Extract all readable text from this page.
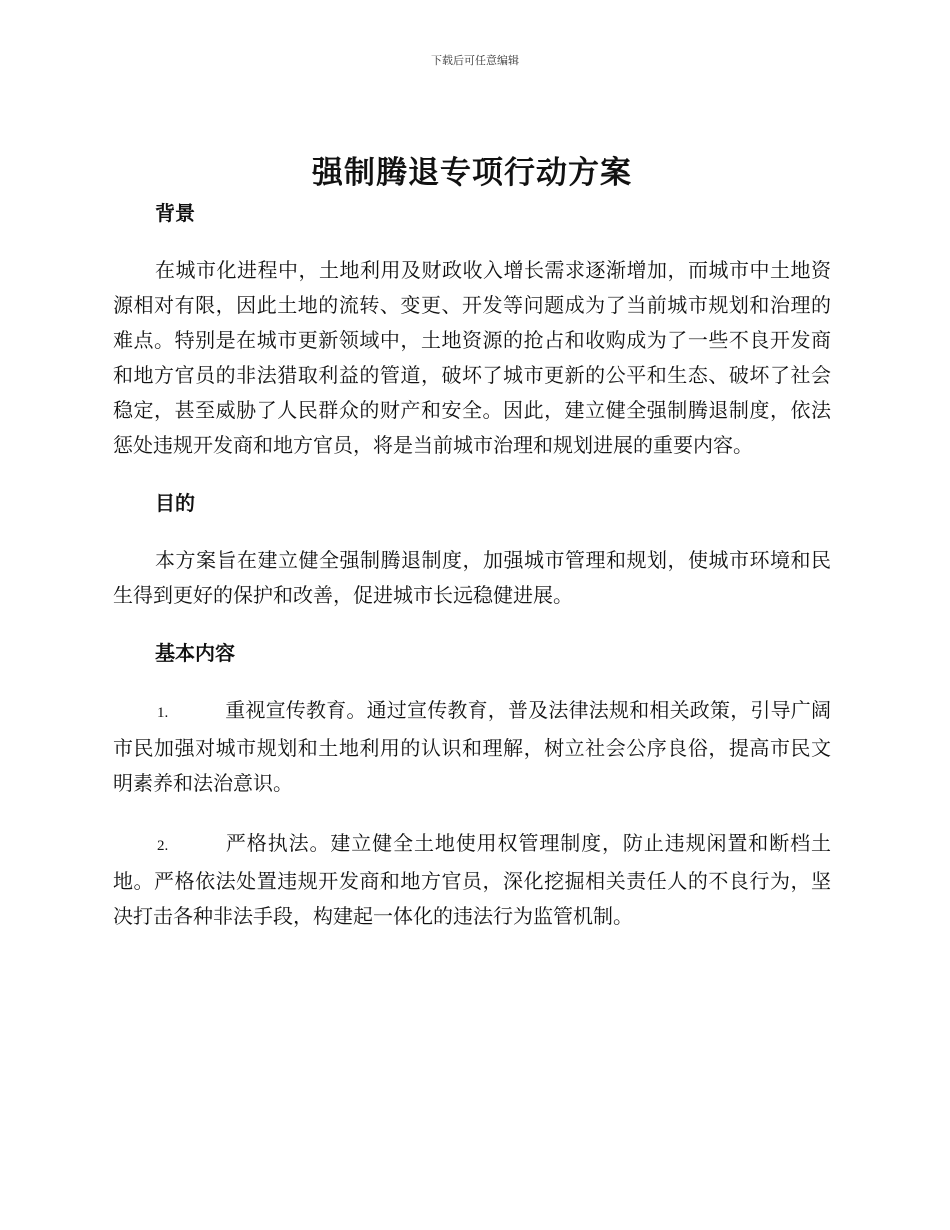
下载后可任意编辑
强制腾退专项行动方案
背景

在城市化进程中，土地利用及财政收入增长需求逐渐增加，而城市中土地资源相对有限，因此土地的流转、变更、开发等问题成为了当前城市规划和治理的难点。特别是在城市更新领域中，土地资源的抢占和收购成为了一些不良开发商和地方官员的非法猎取利益的管道，破坏了城市更新的公平和生态、破坏了社会稳定，甚至威胁了人民群众的财产和安全。因此，建立健全强制腾退制度，依法惩处违规开发商和地方官员，将是当前城市治理和规划进展的重要内容。

目的

本方案旨在建立健全强制腾退制度，加强城市管理和规划，使城市环境和民生得到更好的保护和改善，促进城市长远稳健进展。

基本内容

1.	重视宣传教育。通过宣传教育，普及法律法规和相关政策，引导广阔市民加强对城市规划和土地利用的认识和理解，树立社会公序良俗，提高市民文明素养和法治意识。

2.	严格执法。建立健全土地使用权管理制度，防止违规闲置和断档土地。严格依法处置违规开发商和地方官员，深化挖掘相关责任人的不良行为，坚决打击各种非法手段，构建起一体化的违法行为监管机制。
